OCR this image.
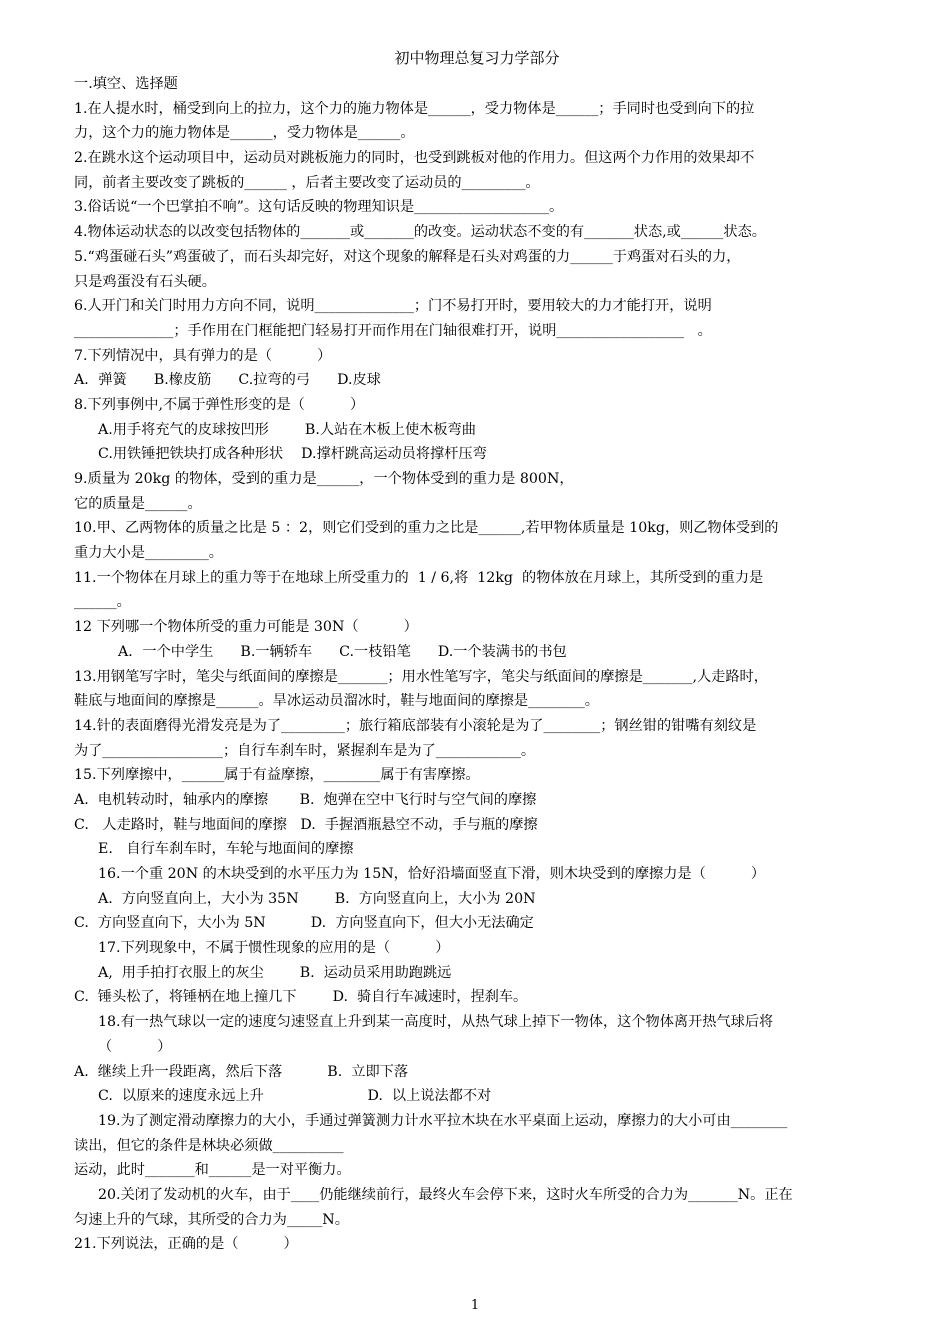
初中物理总复习力学部分
一.填空、选择题
1.在人提水时，桶受到向上的拉力，这个力的施力物体是______，受力物体是______；手同时也受到向下的拉
力，这个力的施力物体是______，受力物体是______。
2.在跳水这个运动项目中，运动员对跳板施力的同时，也受到跳板对他的作用力。但这两个力作用的效果却不
同，前者主要改变了跳板的______ ，后者主要改变了运动员的_________。
3.俗话说“一个巴掌拍不响”。这句话反映的物理知识是___________________。
4.物体运动状态的以改变包括物体的_______或_______的改变。运动状态不变的有_______状态,或______状态。
5.“鸡蛋碰石头”鸡蛋破了，而石头却完好，对这个现象的解释是石头对鸡蛋的力______于鸡蛋对石头的力，
只是鸡蛋没有石头硬。
6.人开门和关门时用力方向不同，说明______________；门不易打开时，要用较大的力才能打开，说明
______________；手作用在门框能把门轻易打开而作用在门轴很难打开，说明__________________   。
7.下列情况中，具有弹力的是（          ）
A．弹簧      B.橡皮筋      C.拉弯的弓      D.皮球
8.下列事例中,不属于弹性形变的是（          ）
A.用手将充气的皮球按凹形        B.人站在木板上使木板弯曲
C.用铁锤把铁块打成各种形状    D.撑杆跳高运动员将撑杆压弯
9.质量为 20kg 的物体，受到的重力是______，一个物体受到的重力是 800N，
它的质量是______。
10.甲、乙两物体的质量之比是 5 ：2，则它们受到的重力之比是______,若甲物体质量是 10kg，则乙物体受到的
重力大小是_________。
11.一个物体在月球上的重力等于在地球上所受重力的  1 / 6,将  12kg  的物体放在月球上，其所受到的重力是
______。
12 下列哪一个物体所受的重力可能是 30N（          ）
A．一个中学生      B.一辆轿车      C.一枝铅笔      D.一个装满书的书包
13.用钢笔写字时，笔尖与纸面间的摩擦是_______；用水性笔写字，笔尖与纸面间的摩擦是_______,人走路时，
鞋底与地面间的摩擦是______。旱冰运动员溜冰时，鞋与地面间的摩擦是________。
14.针的表面磨得光滑发亮是为了_________；旅行箱底部装有小滚轮是为了________；钢丝钳的钳嘴有刻纹是
为了_________________；自行车刹车时，紧握刹车是为了____________。
15.下列摩擦中，______属于有益摩擦，________属于有害摩擦。
A.  电机转动时，轴承内的摩擦       B.  炮弹在空中飞行时与空气间的摩擦
C.   人走路时，鞋与地面间的摩擦   D.  手握酒瓶悬空不动，手与瓶的摩擦
E.   自行车刹车时，车轮与地面间的摩擦
16.一个重 20N 的木块受到的水平压力为 15N，恰好沿墙面竖直下滑，则木块受到的摩擦力是（          ）
A.  方向竖直向上，大小为 35N        B.  方向竖直向上，大小为 20N
C.  方向竖直向下，大小为 5N          D.  方向竖直向下，但大小无法确定
17.下列现象中，不属于惯性现象的应用的是（          ）
A,  用手拍打衣服上的灰尘        B.  运动员采用助跑跳远
C.  锤头松了，将锤柄在地上撞几下        D.  骑自行车减速时，捏刹车。
18.有一热气球以一定的速度匀速竖直上升到某一高度时，从热气球上掉下一物体，这个物体离开热气球后将
（          ）
A.  继续上升一段距离，然后下落          B.  立即下落
C.  以原来的速度永远上升                       D.  以上说法都不对
19.为了测定滑动摩擦力的大小，手通过弹簧测力计水平拉木块在水平桌面上运动，摩擦力的大小可由________
读出，但它的条件是林块必须做__________
运动，此时_______和______是一对平衡力。
20.关闭了发动机的火车，由于____仍能继续前行，最终火车会停下来，这时火车所受的合力为_______N。正在
匀速上升的气球，其所受的合力为_____N。
21.下列说法，正确的是（          ）
1
